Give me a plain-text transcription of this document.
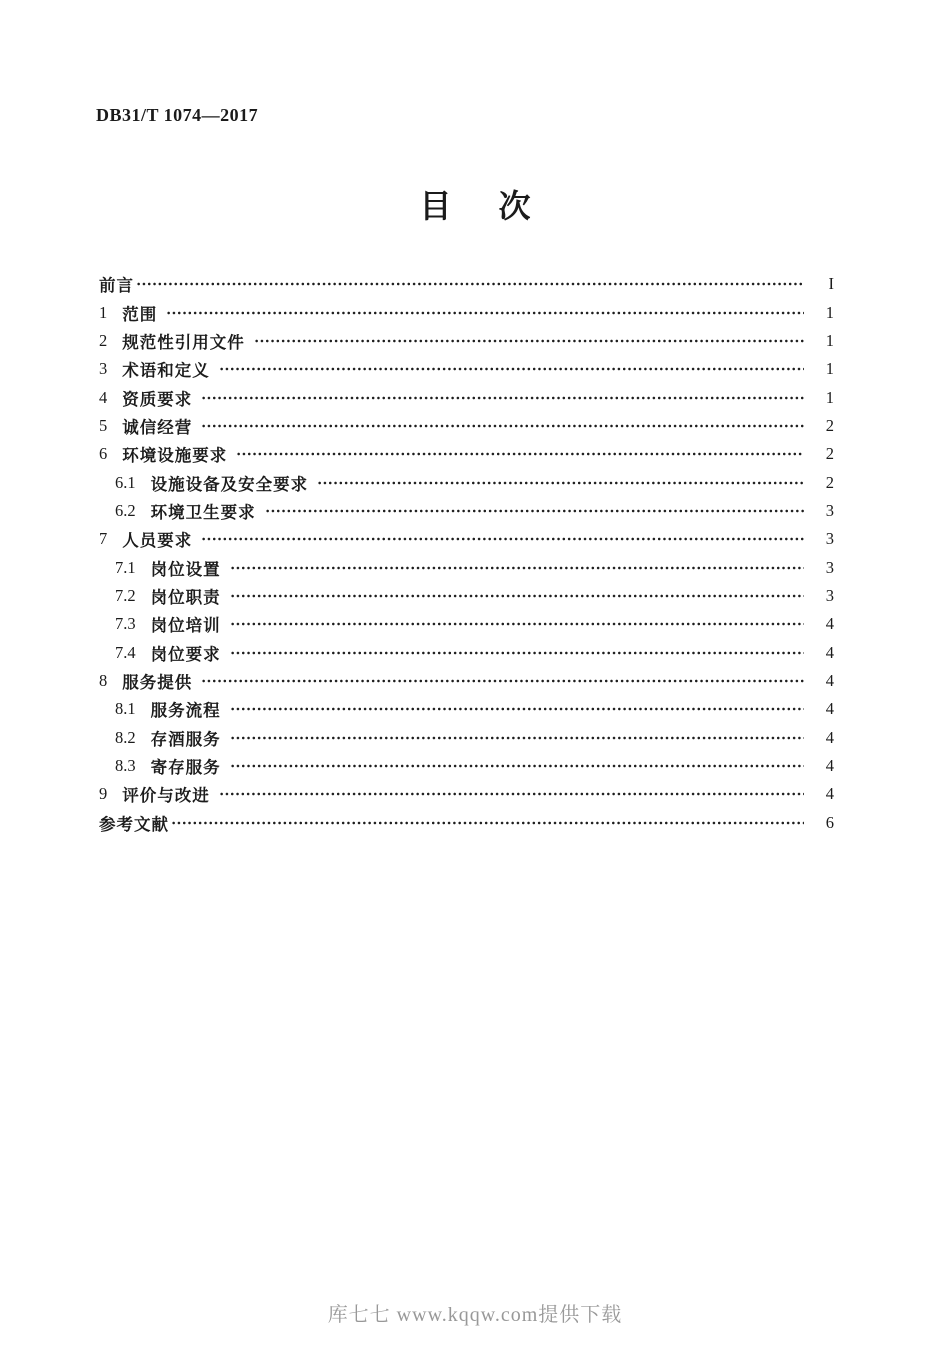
DB31/T 1074—2017
目 次
前言	I
1 范围	1
2 规范性引用文件	1
3 术语和定义	1
4 资质要求	1
5 诚信经营	2
6 环境设施要求	2
6.1 设施设备及安全要求	2
6.2 环境卫生要求	3
7 人员要求	3
7.1 岗位设置	3
7.2 岗位职责	3
7.3 岗位培训	4
7.4 岗位要求	4
8 服务提供	4
8.1 服务流程	4
8.2 存酒服务	4
8.3 寄存服务	4
9 评价与改进	4
参考文献	6
库七七 www.kqqw.com提供下载
